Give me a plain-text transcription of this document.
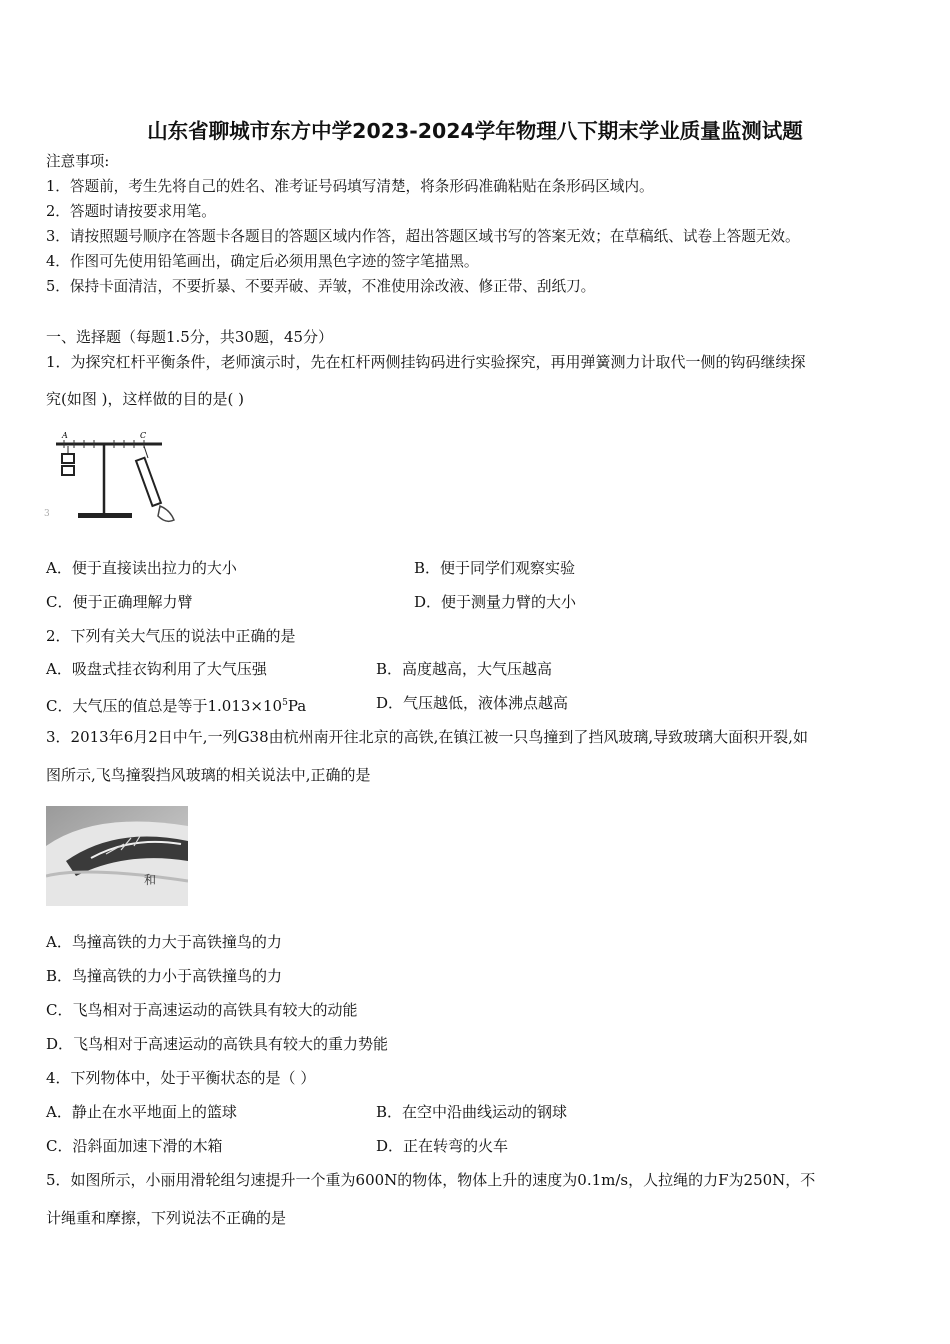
山东省聊城市东方中学2023-2024学年物理八下期末学业质量监测试题
注意事项:
1．答题前，考生先将自己的姓名、准考证号码填写清楚，将条形码准确粘贴在条形码区域内。
2．答题时请按要求用笔。
3．请按照题号顺序在答题卡各题目的答题区域内作答，超出答题区域书写的答案无效；在草稿纸、试卷上答题无效。
4．作图可先使用铅笔画出，确定后必须用黑色字迹的签字笔描黑。
5．保持卡面清洁，不要折暴、不要弄破、弄皱，不准使用涂改液、修正带、刮纸刀。
一、选择题（每题1.5分，共30题，45分）
1．为探究杠杆平衡条件，老师演示时，先在杠杆两侧挂钩码进行实验探究，再用弹簧测力计取代一侧的钩码继续探
究(如图 )，这样做的目的是( )
A	C
3
A．便于直接读出拉力的大小	B．便于同学们观察实验
C．便于正确理解力臂	D．便于测量力臂的大小
2．下列有关大气压的说法中正确的是
A．吸盘式挂衣钩利用了大气压强	B．高度越高，大气压越高
C．大气压的值总是等于$1.013\times 10^5Pa$	D．气压越低，液体沸点越高
3．2013年6月2日中午,一列G38由杭州南开往北京的高铁,在镇江被一只鸟撞到了挡风玻璃,导致玻璃大面积开裂,如
图所示,飞鸟撞裂挡风玻璃的相关说法中,正确的是
和
A．鸟撞高铁的力大于高铁撞鸟的力
B．鸟撞高铁的力小于高铁撞鸟的力
C．飞鸟相对于高速运动的高铁具有较大的动能
D．飞鸟相对于高速运动的高铁具有较大的重力势能
4．下列物体中，处于平衡状态的是（ ）
A．静止在水平地面上的篮球	B．在空中沿曲线运动的钢球
C．沿斜面加速下滑的木箱	D．正在转弯的火车
5．如图所示，小丽用滑轮组匀速提升一个重为600N的物体，物体上升的速度为0.1m/s，人拉绳的力F为250N，不
计绳重和摩擦，下列说法不正确的是
